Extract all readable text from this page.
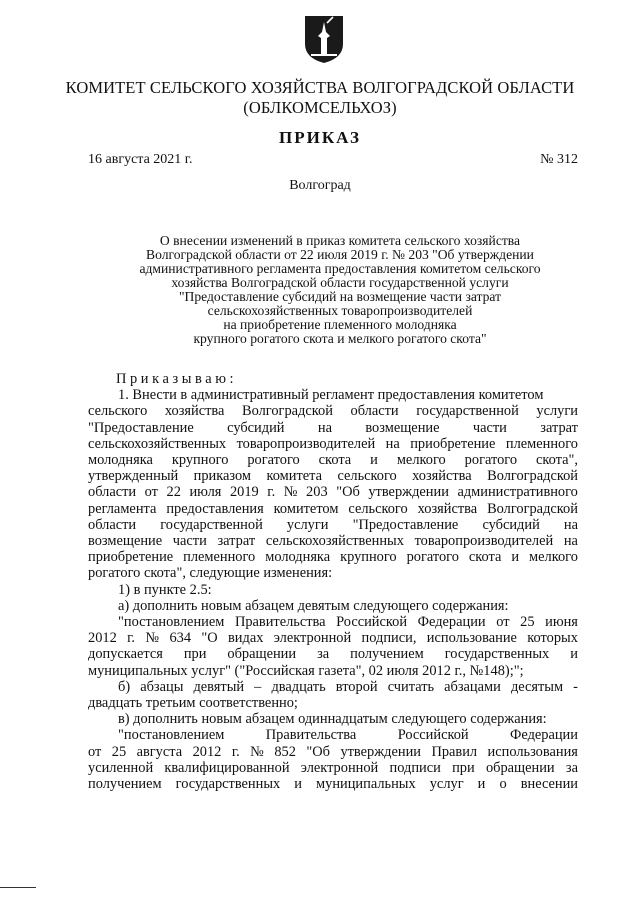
КОМИТЕТ СЕЛЬСКОГО ХОЗЯЙСТВА ВОЛГОГРАДСКОЙ ОБЛАСТИ
(ОБЛКОМСЕЛЬХОЗ)
ПРИКАЗ
16 августа 2021 г.	№ 312
Волгоград
О внесении изменений в приказ комитета сельского хозяйства
Волгоградской области от 22 июля 2019 г. № 203 "Об утверждении
административного регламента предоставления комитетом сельского
хозяйства Волгоградской области государственной услуги
"Предоставление субсидий на возмещение части затрат
сельскохозяйственных товаропроизводителей
на приобретение племенного молодняка
крупного рогатого скота и мелкого рогатого скота"
Приказываю:
1. Внести в административный регламент предоставления комитетом
сельского хозяйства Волгоградской области государственной услуги
"Предоставление субсидий на возмещение части затрат
сельскохозяйственных товаропроизводителей на приобретение племенного
молодняка крупного рогатого скота и мелкого рогатого скота",
утвержденный приказом комитета сельского хозяйства Волгоградской
области от 22 июля 2019 г. № 203 "Об утверждении административного
регламента предоставления комитетом сельского хозяйства Волгоградской
области государственной услуги "Предоставление субсидий на
возмещение части затрат сельскохозяйственных товаропроизводителей на
приобретение племенного молодняка крупного рогатого скота и мелкого
рогатого скота", следующие изменения:
1) в пункте 2.5:
а) дополнить новым абзацем девятым следующего содержания:
"постановлением Правительства Российской Федерации от 25 июня
2012 г. № 634 "О видах электронной подписи, использование которых
допускается при обращении за получением государственных и
муниципальных услуг" ("Российская газета", 02 июля 2012 г., №148);";
б) абзацы девятый – двадцать второй считать абзацами десятым -
двадцать третьим соответственно;
в) дополнить новым абзацем одиннадцатым следующего содержания:
"постановлением	Правительства	Российской	Федерации
от 25 августа 2012 г. № 852 "Об утверждении Правил использования
усиленной квалифицированной электронной подписи при обращении за
получением государственных и муниципальных услуг и о внесении
